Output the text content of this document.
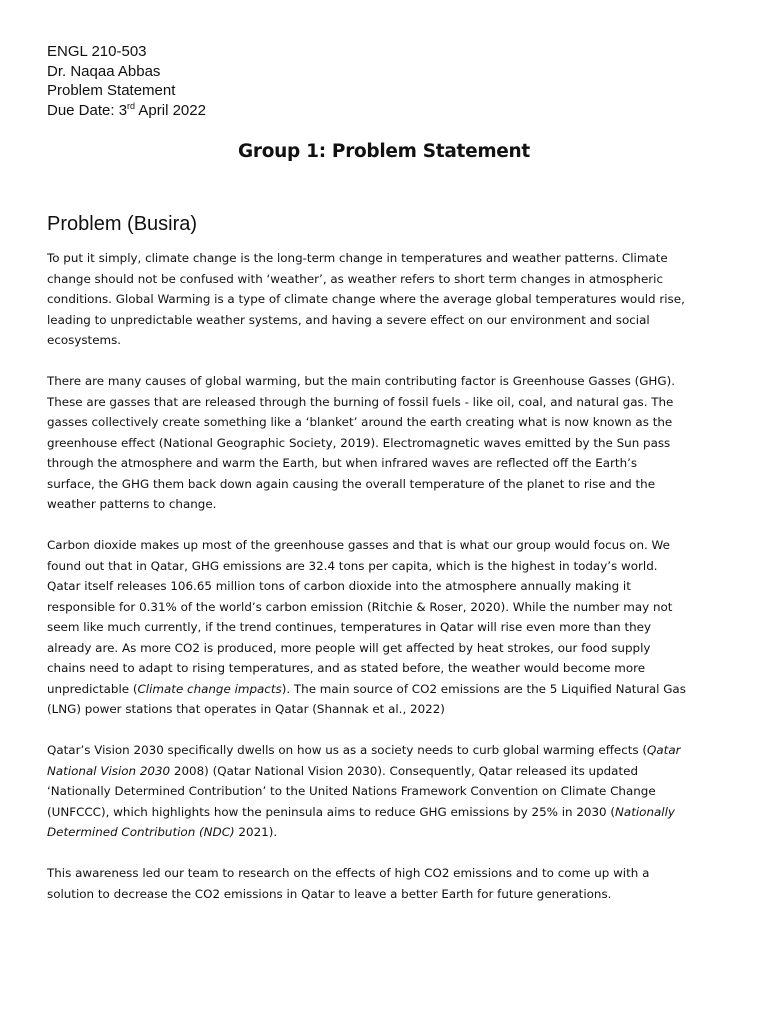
ENGL 210-503
Dr. Naqaa Abbas
Problem Statement
Due Date: 3rd April 2022
Group 1: Problem Statement
Problem (Busira)

To put it simply, climate change is the long-term change in temperatures and weather patterns. Climate
change should not be confused with ‘weather’, as weather refers to short term changes in atmospheric
conditions. Global Warming is a type of climate change where the average global temperatures would rise,
leading to unpredictable weather systems, and having a severe effect on our environment and social
ecosystems.

There are many causes of global warming, but the main contributing factor is Greenhouse Gasses (GHG).
These are gasses that are released through the burning of fossil fuels - like oil, coal, and natural gas. The
gasses collectively create something like a ‘blanket’ around the earth creating what is now known as the
greenhouse effect (National Geographic Society, 2019). Electromagnetic waves emitted by the Sun pass
through the atmosphere and warm the Earth, but when infrared waves are reflected off the Earth’s
surface, the GHG them back down again causing the overall temperature of the planet to rise and the
weather patterns to change.

Carbon dioxide makes up most of the greenhouse gasses and that is what our group would focus on. We
found out that in Qatar, GHG emissions are 32.4 tons per capita, which is the highest in today’s world.
Qatar itself releases 106.65 million tons of carbon dioxide into the atmosphere annually making it
responsible for 0.31% of the world’s carbon emission (Ritchie & Roser, 2020). While the number may not
seem like much currently, if the trend continues, temperatures in Qatar will rise even more than they
already are. As more CO2 is produced, more people will get affected by heat strokes, our food supply
chains need to adapt to rising temperatures, and as stated before, the weather would become more
unpredictable (Climate change impacts). The main source of CO2 emissions are the 5 Liquified Natural Gas
(LNG) power stations that operates in Qatar (Shannak et al., 2022)

Qatar’s Vision 2030 specifically dwells on how us as a society needs to curb global warming effects (Qatar
National Vision 2030 2008) (Qatar National Vision 2030). Consequently, Qatar released its updated
‘Nationally Determined Contribution’ to the United Nations Framework Convention on Climate Change
(UNFCCC), which highlights how the peninsula aims to reduce GHG emissions by 25% in 2030 (Nationally
Determined Contribution (NDC) 2021).

This awareness led our team to research on the effects of high CO2 emissions and to come up with a
solution to decrease the CO2 emissions in Qatar to leave a better Earth for future generations.
